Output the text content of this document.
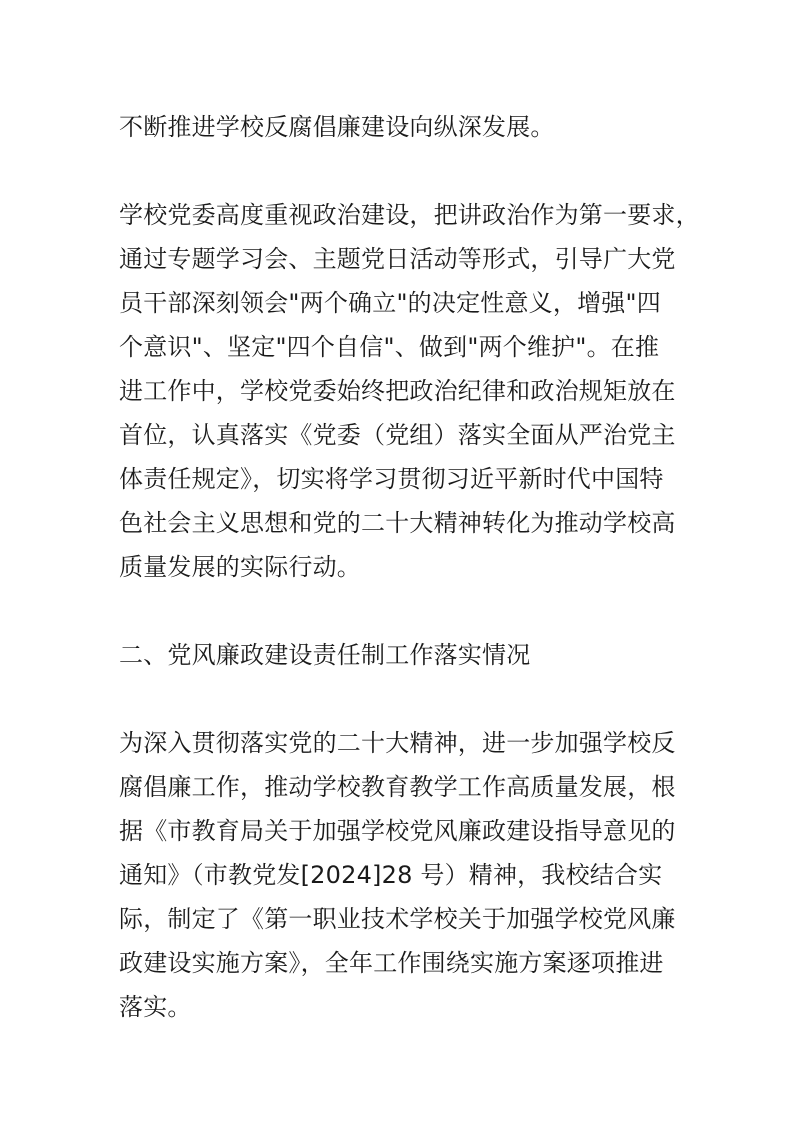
不断推进学校反腐倡廉建设向纵深发展。

学校党委高度重视政治建设，把讲政治作为第一要求，
通过专题学习会、主题党日活动等形式，引导广大党
员干部深刻领会"两个确立"的决定性意义，增强"四
个意识"、坚定"四个自信"、做到"两个维护"。在推
进工作中，学校党委始终把政治纪律和政治规矩放在
首位，认真落实《党委（党组）落实全面从严治党主
体责任规定》，切实将学习贯彻习近平新时代中国特
色社会主义思想和党的二十大精神转化为推动学校高
质量发展的实际行动。

二、党风廉政建设责任制工作落实情况

为深入贯彻落实党的二十大精神，进一步加强学校反
腐倡廉工作，推动学校教育教学工作高质量发展，根
据《市教育局关于加强学校党风廉政建设指导意见的
通知》（市教党发[2024]28 号）精神，我校结合实
际，制定了《第一职业技术学校关于加强学校党风廉
政建设实施方案》，全年工作围绕实施方案逐项推进
落实。
